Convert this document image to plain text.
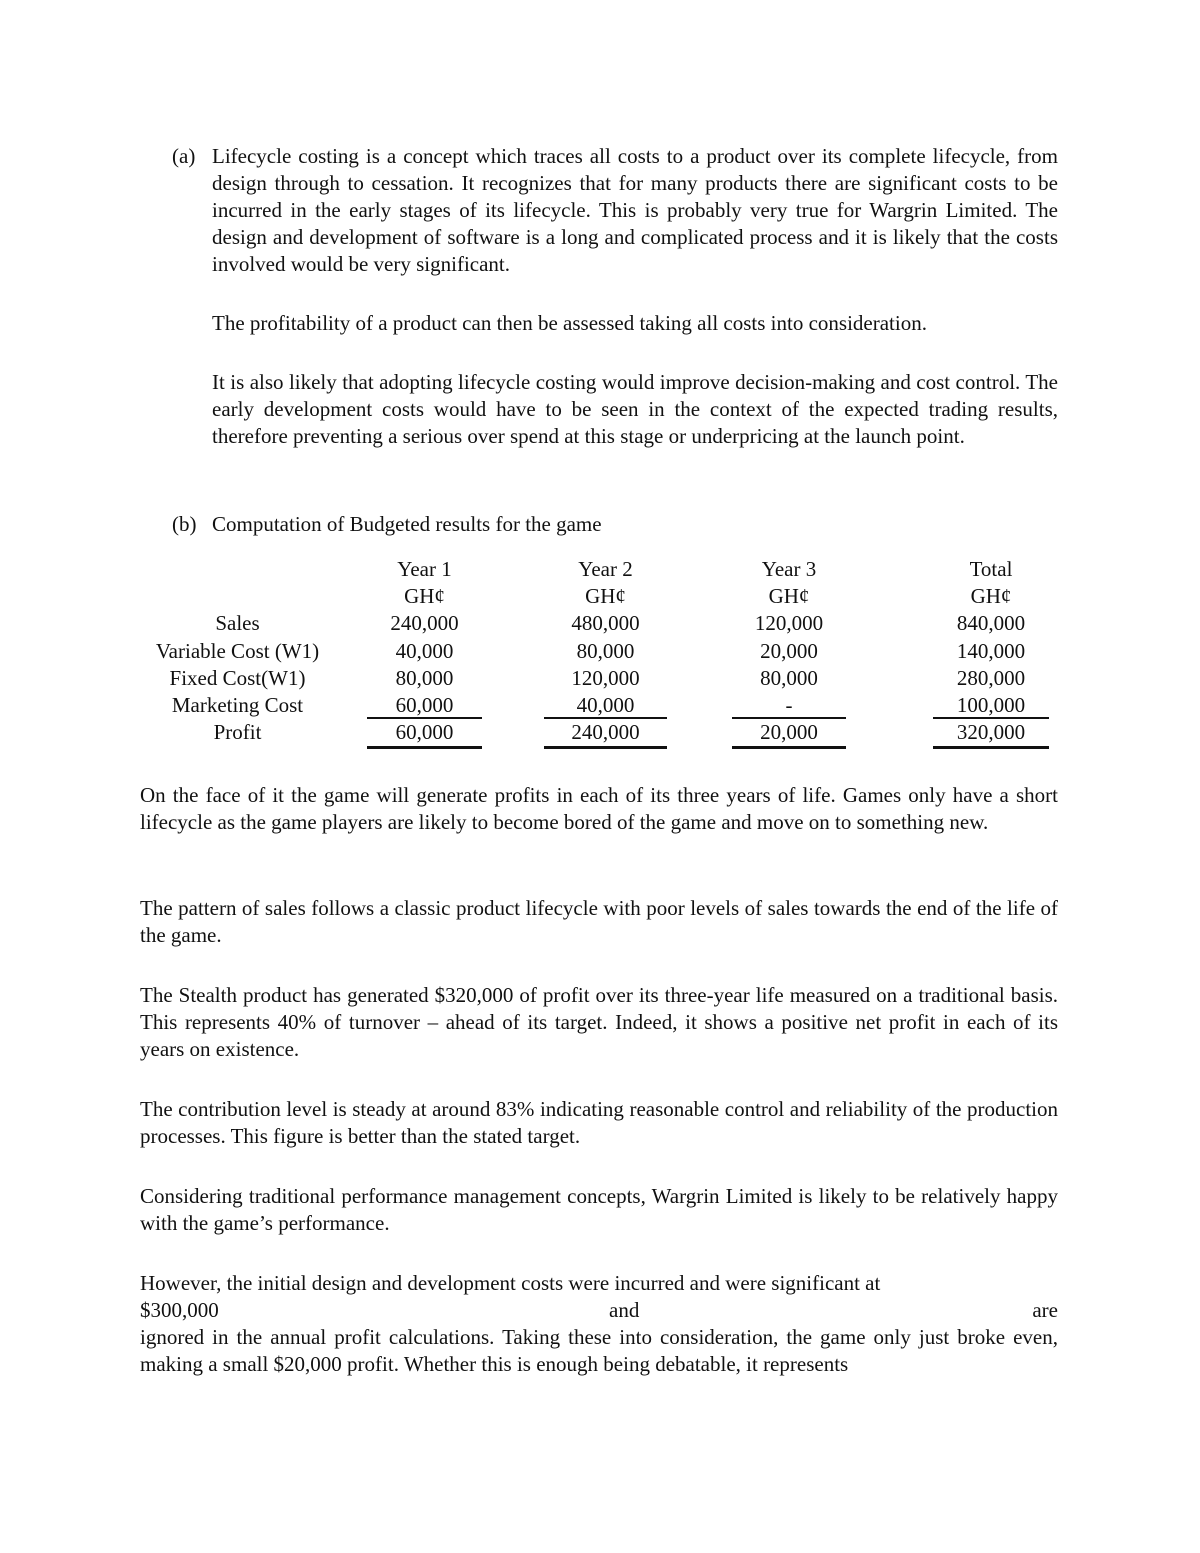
(a) Lifecycle costing is a concept which traces all costs to a product over its complete lifecycle, from design through to cessation. It recognizes that for many products there are significant costs to be incurred in the early stages of its lifecycle. This is probably very true for Wargrin Limited. The design and development of software is a long and complicated process and it is likely that the costs involved would be very significant.

The profitability of a product can then be assessed taking all costs into consideration.

It is also likely that adopting lifecycle costing would improve decision-making and cost control. The early development costs would have to be seen in the context of the expected trading results, therefore preventing a serious over spend at this stage or underpricing at the launch point.

(b) Computation of Budgeted results for the game

Year 1	Year 2	Year 3	Total
GH¢	GH¢	GH¢	GH¢
Sales	240,000	480,000	120,000	840,000
Variable Cost (W1)	40,000	80,000	20,000	140,000
Fixed Cost(W1)	80,000	120,000	80,000	280,000
Marketing Cost	60,000	40,000	-	100,000
Profit	60,000	240,000	20,000	320,000

On the face of it the game will generate profits in each of its three years of life. Games only have a short lifecycle as the game players are likely to become bored of the game and move on to something new.

The pattern of sales follows a classic product lifecycle with poor levels of sales towards the end of the life of the game.

The Stealth product has generated $320,000 of profit over its three-year life measured on a traditional basis. This represents 40% of turnover – ahead of its target. Indeed, it shows a positive net profit in each of its years on existence.

The contribution level is steady at around 83% indicating reasonable control and reliability of the production processes. This figure is better than the stated target.

Considering traditional performance management concepts, Wargrin Limited is likely to be relatively happy with the game’s performance.

However, the initial design and development costs were incurred and were significant at

$300,000	and	are

ignored in the annual profit calculations. Taking these into consideration, the game only just broke even, making a small $20,000 profit. Whether this is enough being debatable, it represents
